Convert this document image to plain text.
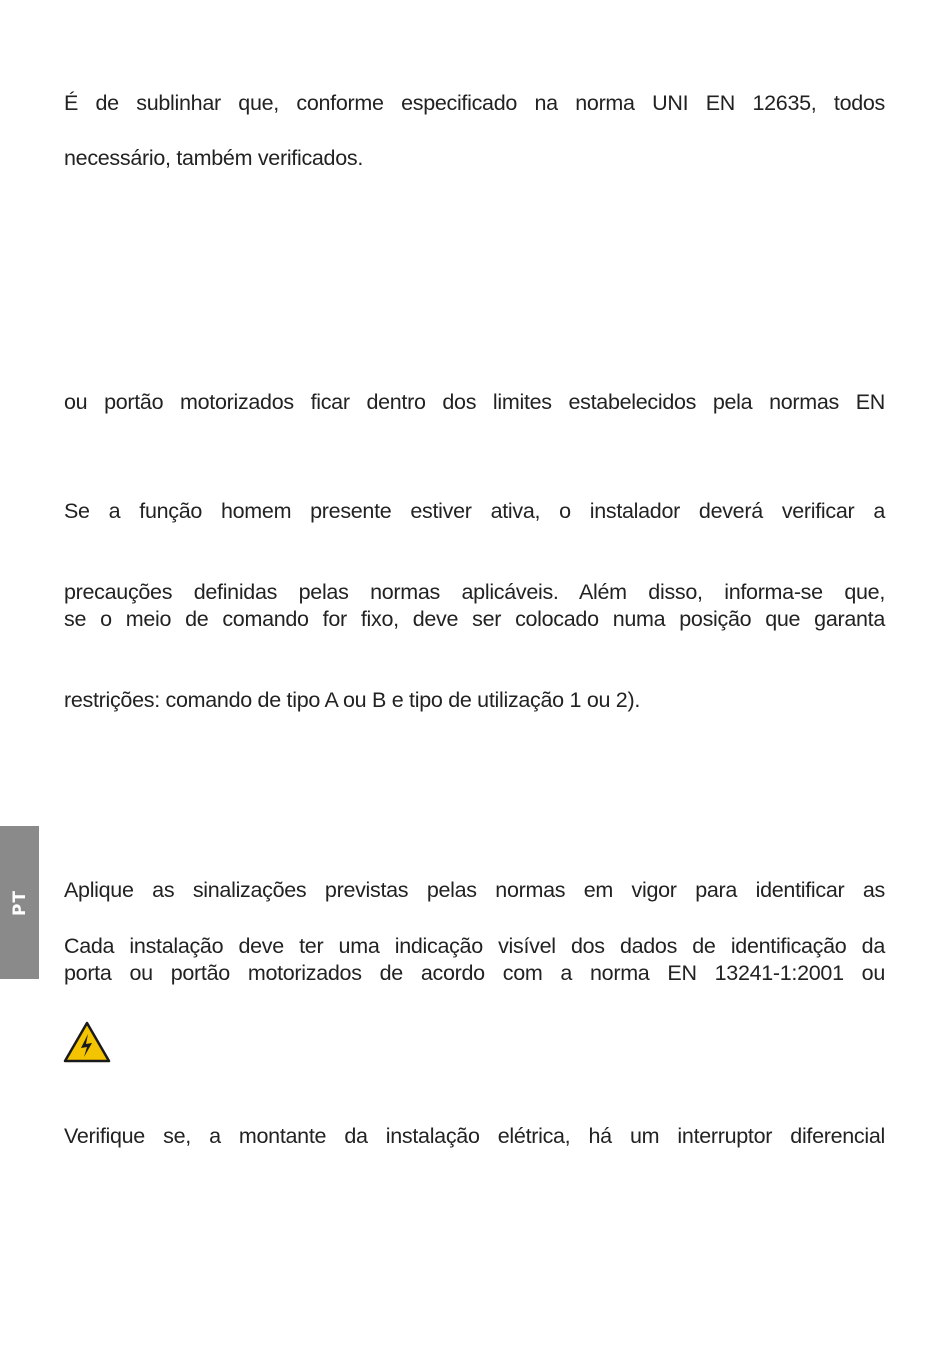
PT
É de sublinhar que, conforme especificado na norma UNI EN 12635, todos
necessário, também verificados.
ou portão motorizados ficar dentro dos limites estabelecidos pela normas EN
Se a função homem presente estiver ativa, o instalador deverá verificar a
precauções definidas pelas normas aplicáveis. Além disso, informa-se que,
se o meio de comando for fixo, deve ser colocado numa posição que garanta
restrições: comando de tipo A ou B e tipo de utilização 1 ou 2).
Aplique as sinalizações previstas pelas normas em vigor para identificar as
Cada instalação deve ter uma indicação visível dos dados de identificação da
porta ou portão motorizados de acordo com a norma EN 13241-1:2001 ou
Verifique se, a montante da instalação elétrica, há um interruptor diferencial
